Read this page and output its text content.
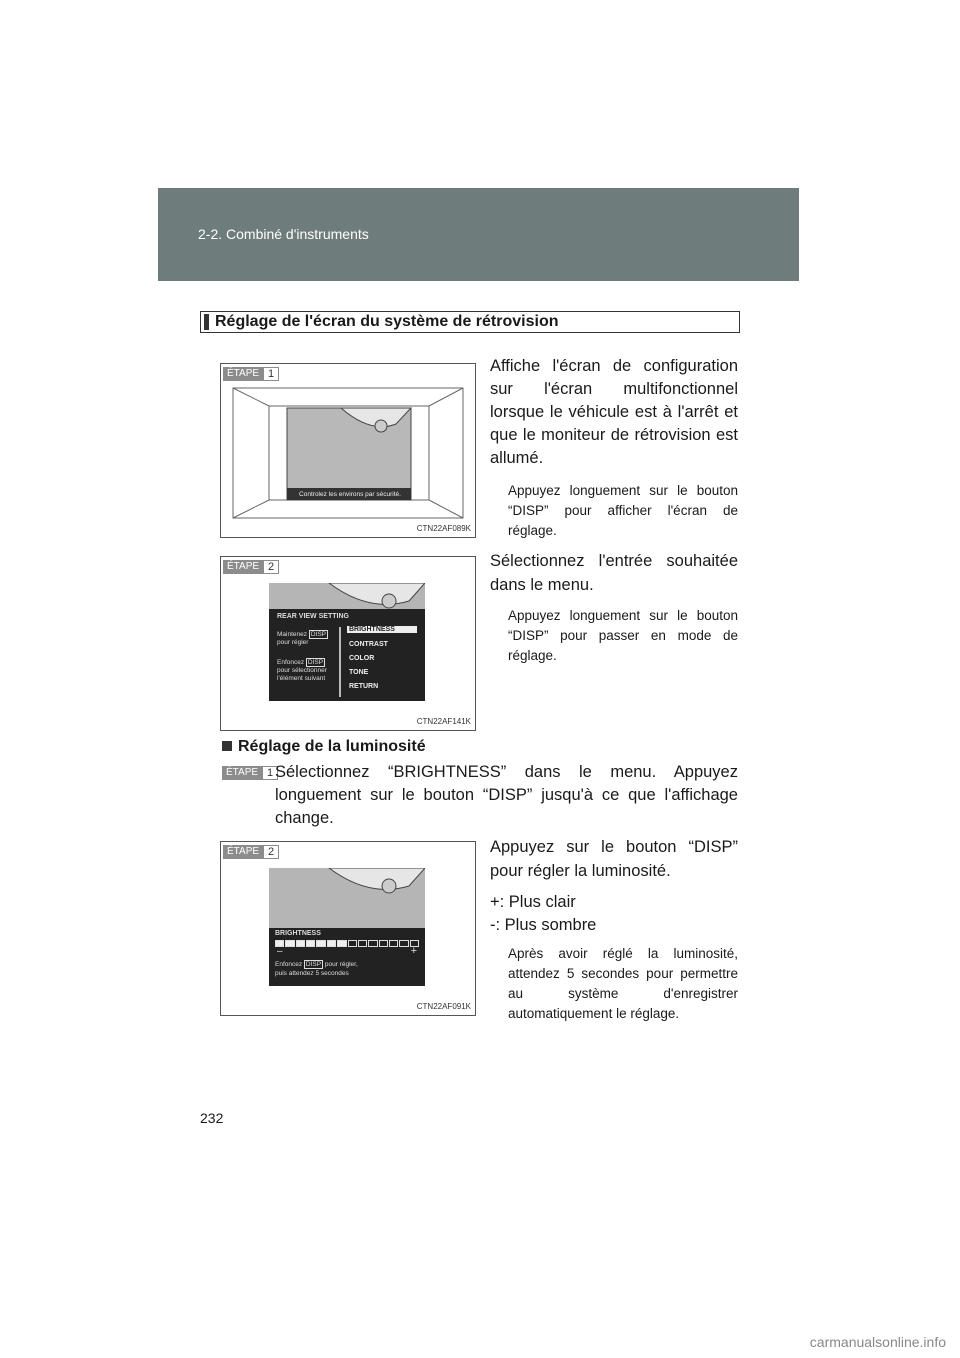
2-2. Combiné d'instruments
Réglage de l'écran du système de rétrovision
ÉTAPE 1
Controlez les environs par sécurité.
CTN22AF089K
ÉTAPE 2
REAR VIEW SETTING
Maintenez DISP
pour régler
Enfoncez DISP
pour sélectionner
l'élément suivant
BRIGHTNESS
CONTRAST
COLOR
TONE
RETURN
CTN22AF141K
ÉTAPE 2
BRIGHTNESS
–	+
Enfoncez DISP pour régler,
puis attendez 5 secondes
CTN22AF091K
Affiche l'écran de configuration sur l'écran multifonctionnel lorsque le véhicule est à l'arrêt et que le moniteur de rétrovision est allumé.
Appuyez longuement sur le bouton “DISP” pour afficher l'écran de réglage.
Sélectionnez l'entrée souhaitée dans le menu.
Appuyez longuement sur le bouton “DISP” pour passer en mode de réglage.
Réglage de la luminosité
ÉTAPE 1 Sélectionnez “BRIGHTNESS” dans le menu. Appuyez longuement sur le bouton “DISP” jusqu'à ce que l'affichage change.
Appuyez sur le bouton “DISP” pour régler la luminosité.
+: Plus clair
-: Plus sombre
Après avoir réglé la luminosité, attendez 5 secondes pour permettre au système d'enregistrer automatiquement le réglage.
232
carmanualsonline.info
